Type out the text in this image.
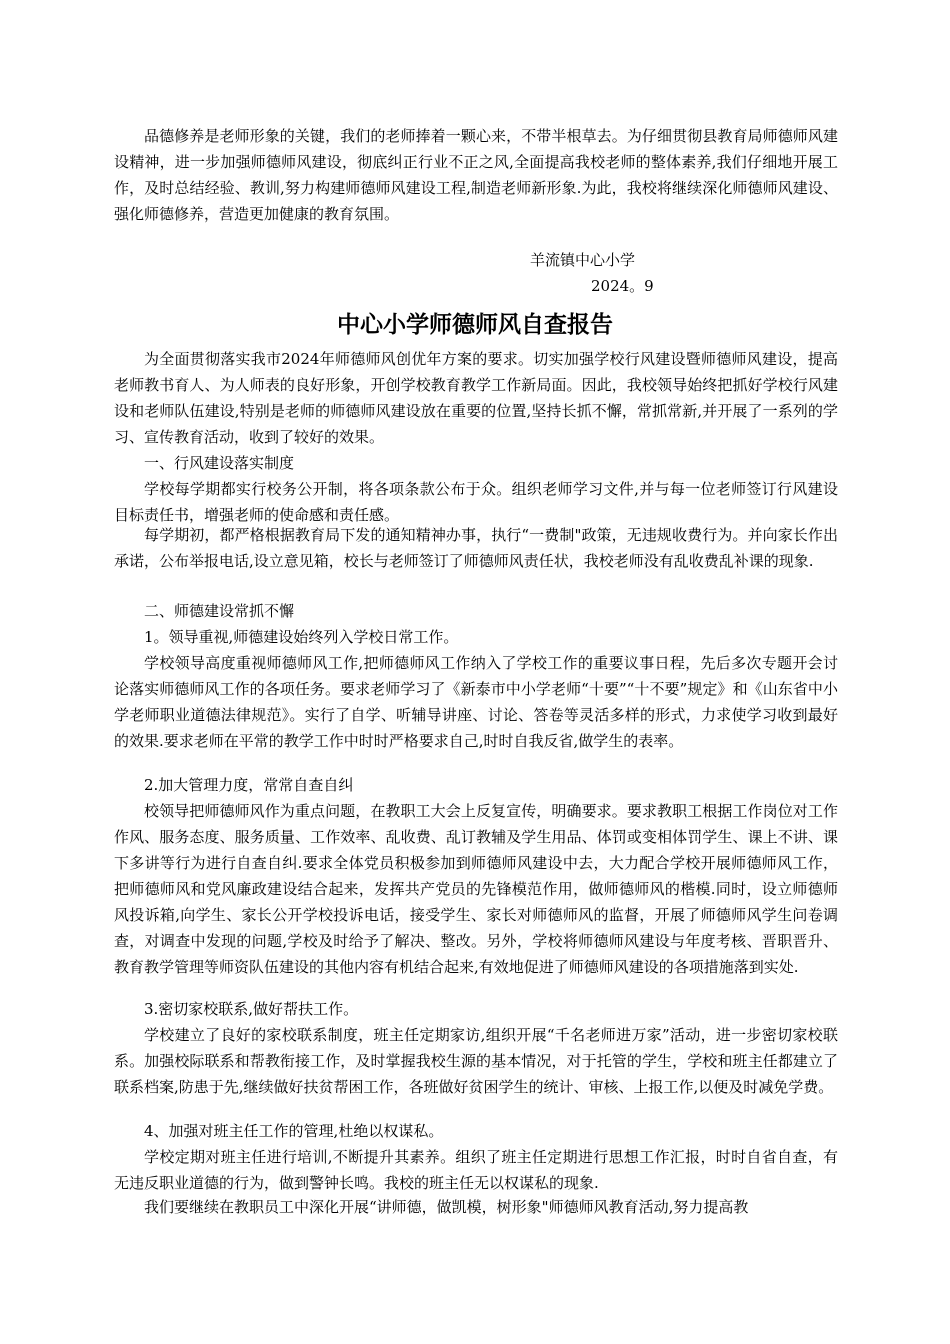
品德修养是老师形象的关键，我们的老师捧着一颗心来，不带半根草去。为仔细贯彻县教育局师德师风建设精神，进一步加强师德师风建设，彻底纠正行业不正之风,全面提高我校老师的整体素养,我们仔细地开展工作，及时总结经验、教训,努力构建师德师风建设工程,制造老师新形象.为此，我校将继续深化师德师风建设、强化师德修养，营造更加健康的教育氛围。

羊流镇中心小学
2024。9
中心小学师德师风自查报告

为全面贯彻落实我市2024年师德师风创优年方案的要求。切实加强学校行风建设暨师德师风建设，提高老师教书育人、为人师表的良好形象，开创学校教育教学工作新局面。因此，我校领导始终把抓好学校行风建设和老师队伍建设,特别是老师的师德师风建设放在重要的位置,坚持长抓不懈，常抓常新,并开展了一系列的学习、宣传教育活动，收到了较好的效果。

一、行风建设落实制度

学校每学期都实行校务公开制，将各项条款公布于众。组织老师学习文件,并与每一位老师签订行风建设目标责任书，增强老师的使命感和责任感。

每学期初，都严格根据教育局下发的通知精神办事，执行“一费制"政策，无违规收费行为。并向家长作出承诺，公布举报电话,设立意见箱，校长与老师签订了师德师风责任状，我校老师没有乱收费乱补课的现象.

二、师德建设常抓不懈

1。领导重视,师德建设始终列入学校日常工作。

学校领导高度重视师德师风工作,把师德师风工作纳入了学校工作的重要议事日程，先后多次专题开会讨论落实师德师风工作的各项任务。要求老师学习了《新泰市中小学老师“十要”“十不要”规定》和《山东省中小学老师职业道德法律规范》。实行了自学、听辅导讲座、讨论、答卷等灵活多样的形式，力求使学习收到最好的效果.要求老师在平常的教学工作中时时严格要求自己,时时自我反省,做学生的表率。

2.加大管理力度，常常自查自纠

校领导把师德师风作为重点问题，在教职工大会上反复宣传，明确要求。要求教职工根据工作岗位对工作作风、服务态度、服务质量、工作效率、乱收费、乱订教辅及学生用品、体罚或变相体罚学生、课上不讲、课下多讲等行为进行自查自纠.要求全体党员积极参加到师德师风建设中去，大力配合学校开展师德师风工作，把师德师风和党风廉政建设结合起来，发挥共产党员的先锋模范作用，做师德师风的楷模.同时，设立师德师风投诉箱,向学生、家长公开学校投诉电话，接受学生、家长对师德师风的监督，开展了师德师风学生问卷调查，对调查中发现的问题,学校及时给予了解决、整改。另外，学校将师德师风建设与年度考核、晋职晋升、教育教学管理等师资队伍建设的其他内容有机结合起来,有效地促进了师德师风建设的各项措施落到实处.

3.密切家校联系,做好帮扶工作。

学校建立了良好的家校联系制度，班主任定期家访,组织开展“千名老师进万家”活动，进一步密切家校联系。加强校际联系和帮教衔接工作，及时掌握我校生源的基本情况，对于托管的学生，学校和班主任都建立了联系档案,防患于先,继续做好扶贫帮困工作，各班做好贫困学生的统计、审核、上报工作,以便及时减免学费。

4、加强对班主任工作的管理,杜绝以权谋私。

学校定期对班主任进行培训,不断提升其素养。组织了班主任定期进行思想工作汇报，时时自省自查，有无违反职业道德的行为，做到警钟长鸣。我校的班主任无以权谋私的现象.

我们要继续在教职员工中深化开展“讲师德，做凯模，树形象"师德师风教育活动,努力提高教
